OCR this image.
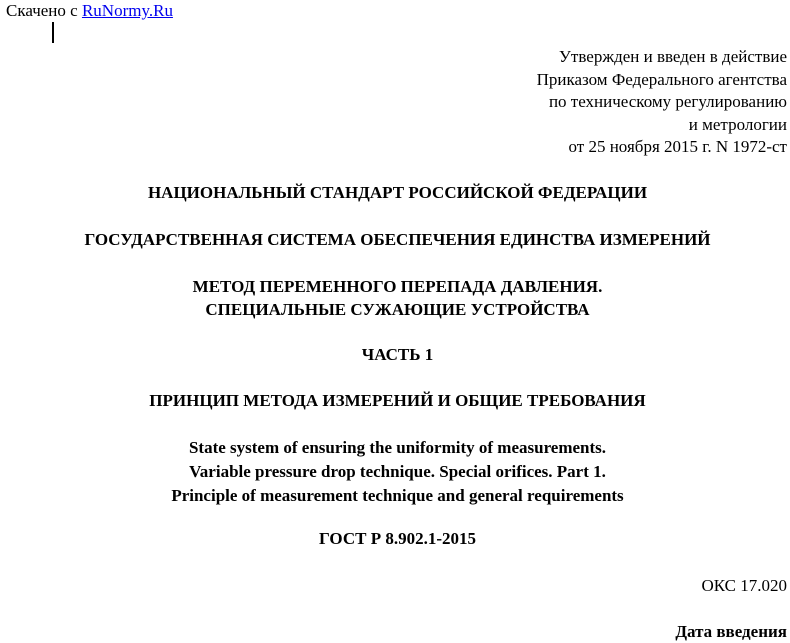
Скачено с RuNormy.Ru
Утвержден и введен в действие
Приказом Федерального агентства
по техническому регулированию
и метрологии
от 25 ноября 2015 г. N 1972-ст
НАЦИОНАЛЬНЫЙ СТАНДАРТ РОССИЙСКОЙ ФЕДЕРАЦИИ
ГОСУДАРСТВЕННАЯ СИСТЕМА ОБЕСПЕЧЕНИЯ ЕДИНСТВА ИЗМЕРЕНИЙ
МЕТОД ПЕРЕМЕННОГО ПЕРЕПАДА ДАВЛЕНИЯ.
СПЕЦИАЛЬНЫЕ СУЖАЮЩИЕ УСТРОЙСТВА
ЧАСТЬ 1
ПРИНЦИП МЕТОДА ИЗМЕРЕНИЙ И ОБЩИЕ ТРЕБОВАНИЯ
State system of ensuring the uniformity of measurements.
Variable pressure drop technique. Special orifices. Part 1.
Principle of measurement technique and general requirements
ГОСТ Р 8.902.1-2015
ОКС 17.020
Дата введения
